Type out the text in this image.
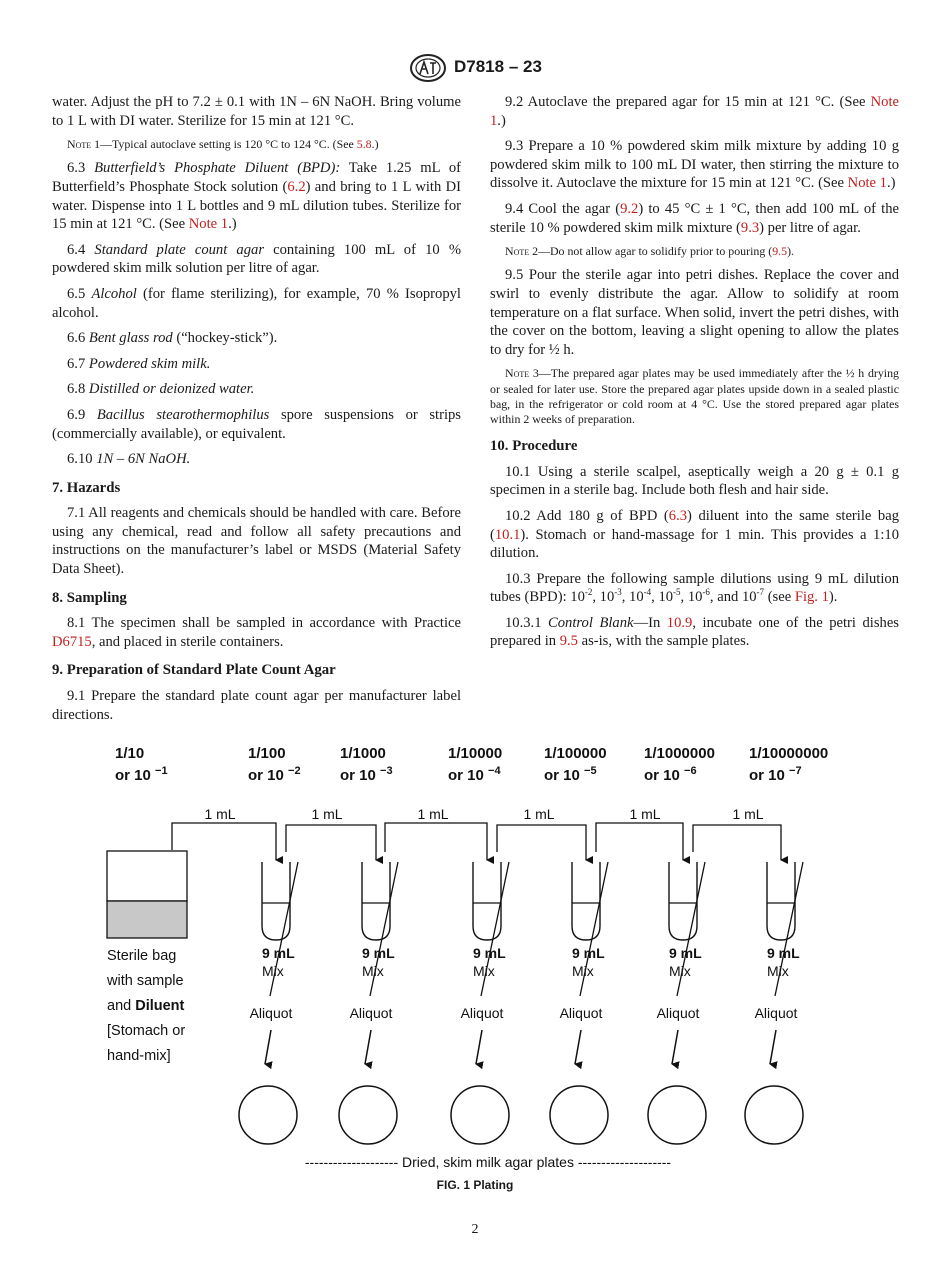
D7818 – 23

water. Adjust the pH to 7.2 ± 0.1 with 1N – 6N NaOH. Bring volume to 1 L with DI water. Sterilize for 15 min at 121 °C.

Note 1—Typical autoclave setting is 120 °C to 124 °C. (See 5.8.)

6.3 Butterfield’s Phosphate Diluent (BPD): Take 1.25 mL of Butterfield’s Phosphate Stock solution (6.2) and bring to 1 L with DI water. Dispense into 1 L bottles and 9 mL dilution tubes. Sterilize for 15 min at 121 °C. (See Note 1.)

6.4 Standard plate count agar containing 100 mL of 10 % powdered skim milk solution per litre of agar.

6.5 Alcohol (for flame sterilizing), for example, 70 % Isopropyl alcohol.

6.6 Bent glass rod (“hockey-stick”).

6.7 Powdered skim milk.

6.8 Distilled or deionized water.

6.9 Bacillus stearothermophilus spore suspensions or strips (commercially available), or equivalent.

6.10 1N – 6N NaOH.

7. Hazards

7.1 All reagents and chemicals should be handled with care. Before using any chemical, read and follow all safety precautions and instructions on the manufacturer’s label or MSDS (Material Safety Data Sheet).

8. Sampling

8.1 The specimen shall be sampled in accordance with Practice D6715, and placed in sterile containers.

9. Preparation of Standard Plate Count Agar

9.1 Prepare the standard plate count agar per manufacturer label directions.

9.2 Autoclave the prepared agar for 15 min at 121 °C. (See Note 1.)

9.3 Prepare a 10 % powdered skim milk mixture by adding 10 g powdered skim milk to 100 mL DI water, then stirring the mixture to dissolve it. Autoclave the mixture for 15 min at 121 °C. (See Note 1.)

9.4 Cool the agar (9.2) to 45 °C ± 1 °C, then add 100 mL of the sterile 10 % powdered skim milk mixture (9.3) per litre of agar.

Note 2—Do not allow agar to solidify prior to pouring (9.5).

9.5 Pour the sterile agar into petri dishes. Replace the cover and swirl to evenly distribute the agar. Allow to solidify at room temperature on a flat surface. When solid, invert the petri dishes, with the cover on the bottom, leaving a slight opening to allow the plates to dry for ½ h.

Note 3—The prepared agar plates may be used immediately after the ½ h drying or sealed for later use. Store the prepared agar plates upside down in a sealed plastic bag, in the refrigerator or cold room at 4 °C. Use the stored prepared agar plates within 2 weeks of preparation.

10. Procedure

10.1 Using a sterile scalpel, aseptically weigh a 20 g ± 0.1 g specimen in a sterile bag. Include both flesh and hair side.

10.2 Add 180 g of BPD (6.3) diluent into the same sterile bag (10.1). Stomach or hand-massage for 1 min. This provides a 1:10 dilution.

10.3 Prepare the following sample dilutions using 9 mL dilution tubes (BPD): $10^{-2}$, $10^{-3}$, $10^{-4}$, $10^{-5}$, $10^{-6}$, and $10^{-7}$ (see Fig. 1).

10.3.1 Control Blank—In 10.9, incubate one of the petri dishes prepared in 9.5 as-is, with the sample plates.

1/10
or 10 $^{-1}$
1/100
or 10 $^{-2}$
1/1000
or 10 $^{-3}$
1/10000
or 10 $^{-4}$
1/100000
or 10 $^{-5}$
1/1000000
or 10 $^{-6}$
1/10000000
or 10 $^{-7}$
1 mL	1 mL	1 mL	1 mL	1 mL	1 mL
Sterile bag
with sample
and Diluent
[Stomach or
hand-mix]
9 mL
Mix
Aliquot
9 mL
Mix
Aliquot
9 mL
Mix
Aliquot
9 mL
Mix
Aliquot
9 mL
Mix
Aliquot
9 mL
Mix
Aliquot
-------------------- Dried, skim milk agar plates --------------------
FIG. 1 Plating
2
